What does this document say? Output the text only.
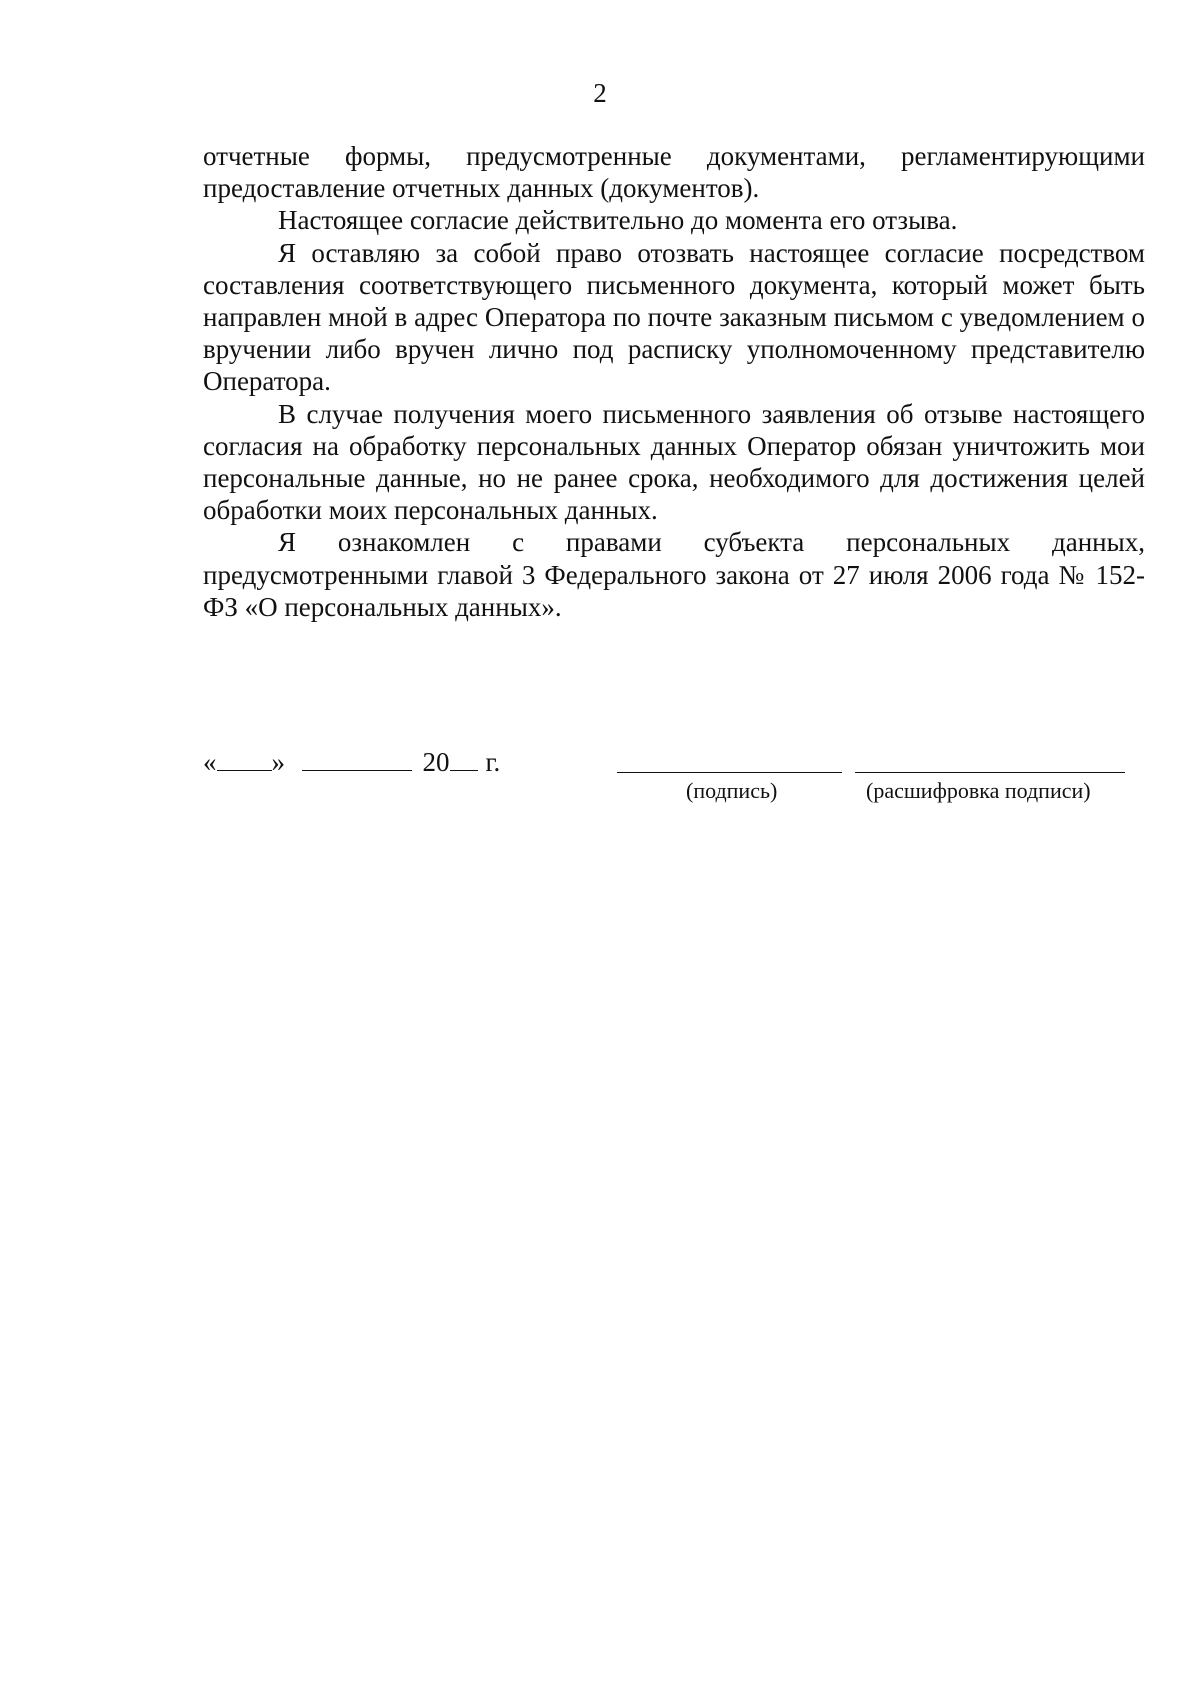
2

отчетные формы, предусмотренные документами, регламентирующими предоставление отчетных данных (документов).

Настоящее согласие действительно до момента его отзыва.

Я оставляю за собой право отозвать настоящее согласие посредством составления соответствующего письменного документа, который может быть направлен мной в адрес Оператора по почте заказным письмом с уведомлением о вручении либо вручен лично под расписку уполномоченному представителю Оператора.

В случае получения моего письменного заявления об отзыве настоящего согласия на обработку персональных данных Оператор обязан уничтожить мои персональные данные, но не ранее срока, необходимого для достижения целей обработки моих персональных данных.

Я ознакомлен с правами субъекта персональных данных, предусмотренными главой 3 Федерального закона от 27 июля 2006 года № 152-ФЗ «О персональных данных».

« »	20 г.
(подпись)	(расшифровка подписи)
